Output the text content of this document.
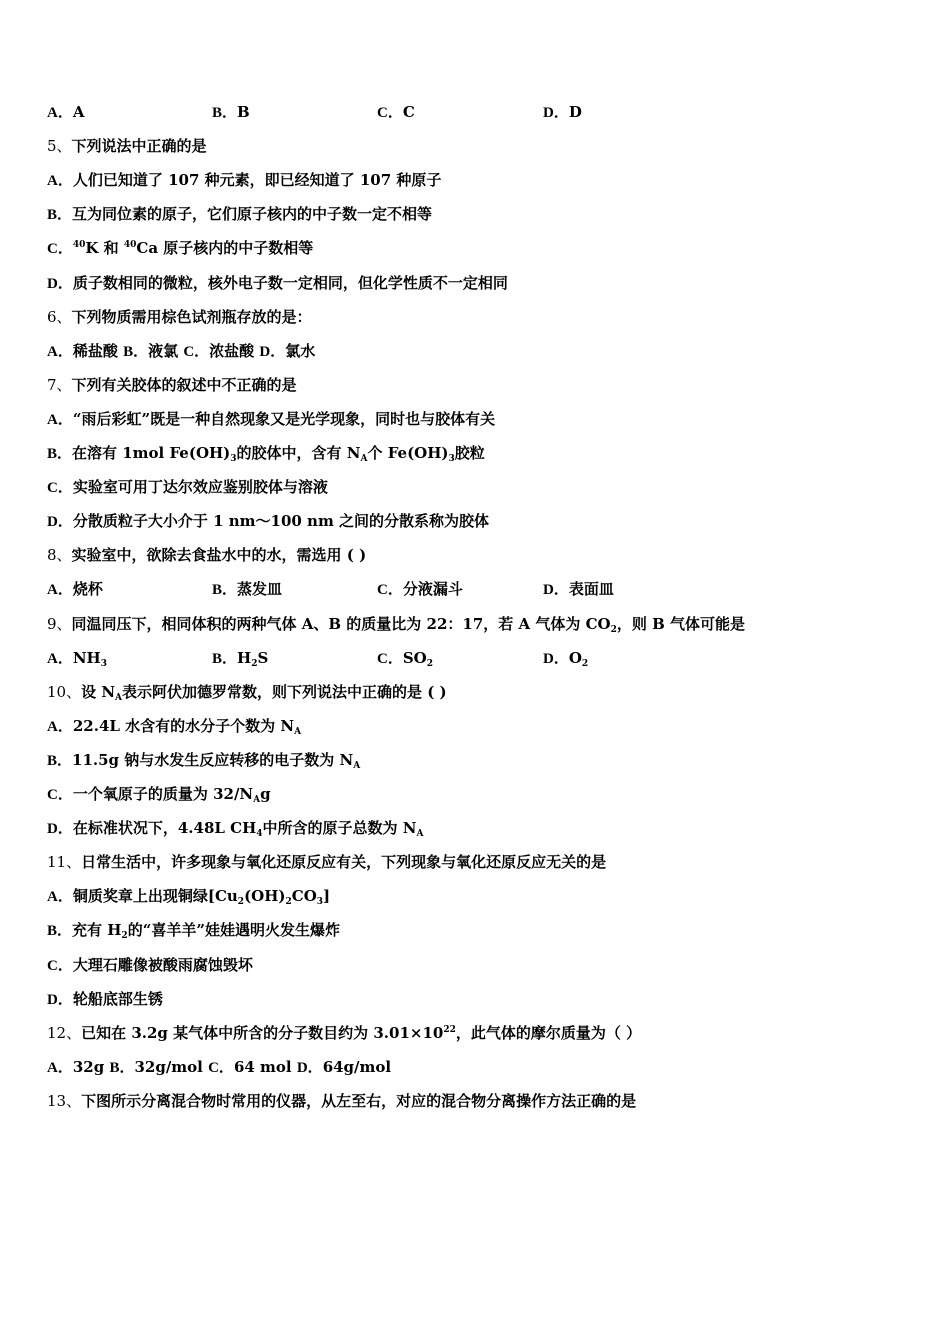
A．A	B．B	C．C	D．D
5、下列说法中正确的是
A．人们已知道了 107 种元素，即已经知道了 107 种原子
B．互为同位素的原子，它们原子核内的中子数一定不相等
C．$^{40}$K 和 $^{40}$Ca 原子核内的中子数相等
D．质子数相同的微粒，核外电子数一定相同，但化学性质不一定相同
6、下列物质需用棕色试剂瓶存放的是：
A．稀盐酸 B．液氯 C．浓盐酸 D．氯水
7、下列有关胶体的叙述中不正确的是
A．“雨后彩虹”既是一种自然现象又是光学现象，同时也与胶体有关
B．在溶有 1mol $Fe(OH)_3$的胶体中，含有 $N_A$个 $Fe(OH)_3$胶粒
C．实验室可用丁达尔效应鉴别胶体与溶液
D．分散质粒子大小介于 1 nm～100 nm 之间的分散系称为胶体
8、实验室中，欲除去食盐水中的水，需选用 ( )
A．烧杯	B．蒸发皿	C．分液漏斗	D．表面皿
9、同温同压下，相同体积的两种气体 A、B 的质量比为 22：17，若 A 气体为 $CO_2$，则 B 气体可能是
A．$NH_3$	B．$H_2S$	C．$SO_2$	D．$O_2$
10、设 $N_A$表示阿伏加德罗常数，则下列说法中正确的是 ( )
A．22.4L 水含有的水分子个数为 $N_A$
B．11.5g 钠与水发生反应转移的电子数为 $N_A$
C．一个氧原子的质量为 $32/N_Ag$
D．在标准状况下，4.48L $CH_4$中所含的原子总数为 $N_A$
11、日常生活中，许多现象与氧化还原反应有关，下列现象与氧化还原反应无关的是
A．铜质奖章上出现铜绿$[Cu_2(OH)_2CO_3]$
B．充有 $H_2$的“喜羊羊”娃娃遇明火发生爆炸
C．大理石雕像被酸雨腐蚀毁坏
D．轮船底部生锈
12、已知在 3.2g 某气体中所含的分子数目约为 $3.01\times 10^{22}$，此气体的摩尔质量为（ ）
A．32g B．32g/mol C．64 mol D．64g/mol
13、下图所示分离混合物时常用的仪器，从左至右，对应的混合物分离操作方法正确的是
